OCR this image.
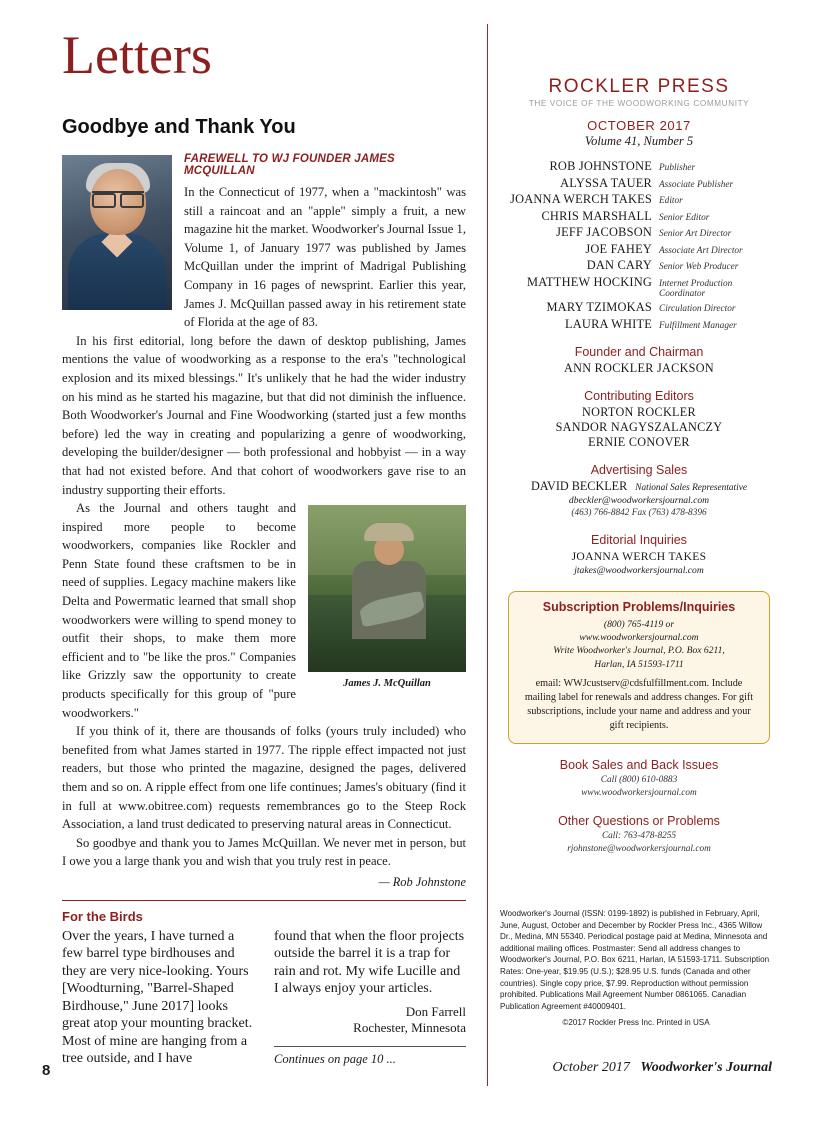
Letters
Goodbye and Thank You
FAREWELL TO WJ FOUNDER JAMES MCQUILLAN

In the Connecticut of 1977, when a "mackintosh" was still a raincoat and an "apple" simply a fruit, a new magazine hit the market. Woodworker's Journal Issue 1, Volume 1, of January 1977 was published by James McQuillan under the imprint of Madrigal Publishing Company in 16 pages of newsprint. Earlier this year, James J. McQuillan passed away in his retirement state of Florida at the age of 83.

In his first editorial, long before the dawn of desktop publishing, James mentions the value of woodworking as a response to the era's "technological explosion and its mixed blessings." It's unlikely that he had the wider industry on his mind as he started his magazine, but that did not diminish the influence. Both Woodworker's Journal and Fine Woodworking (started just a few months before) led the way in creating and popularizing a genre of woodworking, developing the builder/designer — both professional and hobbyist — in a way that had not existed before. And that cohort of woodworkers gave rise to an industry supporting their efforts.

James J. McQuillan

As the Journal and others taught and inspired more people to become woodworkers, companies like Rockler and Penn State found these craftsmen to be in need of supplies. Legacy machine makers like Delta and Powermatic learned that small shop woodworkers were willing to spend money to outfit their shops, to make them more efficient and to "be like the pros." Companies like Grizzly saw the opportunity to create products specifically for this group of "pure woodworkers."

If you think of it, there are thousands of folks (yours truly included) who benefited from what James started in 1977. The ripple effect impacted not just readers, but those who printed the magazine, designed the pages, delivered them and so on. A ripple effect from one life continues; James's obituary (find it in full at www.obitree.com) requests remembrances go to the Steep Rock Association, a land trust dedicated to preserving natural areas in Connecticut.

So goodbye and thank you to James McQuillan. We never met in person, but I owe you a large thank you and wish that you truly rest in peace.

— Rob Johnstone
For the Birds
Over the years, I have turned a few barrel type birdhouses and they are very nice-looking. Yours [Woodturning, "Barrel-Shaped Birdhouse," June 2017] looks great atop your mounting bracket. Most of mine are hanging from a tree outside, and I have
found that when the floor projects outside the barrel it is a trap for rain and rot. My wife Lucille and I always enjoy your articles.
Don Farrell
Rochester, Minnesota
Continues on page 10 ...
ROCKLER PRESS
THE VOICE OF THE WOODWORKING COMMUNITY
OCTOBER 2017
Volume 41, Number 5
ROB JOHNSTONE Publisher
ALYSSA TAUER Associate Publisher
JOANNA WERCH TAKES Editor
CHRIS MARSHALL Senior Editor
JEFF JACOBSON Senior Art Director
JOE FAHEY Associate Art Director
DAN CARY Senior Web Producer
MATTHEW HOCKING Internet Production Coordinator
MARY TZIMOKAS Circulation Director
LAURA WHITE Fulfillment Manager
Founder and Chairman
ANN ROCKLER JACKSON
Contributing Editors
NORTON ROCKLER
SANDOR NAGYSZALANCZY
ERNIE CONOVER
Advertising Sales
DAVID BECKLER National Sales Representative
dbeckler@woodworkersjournal.com
(463) 766-8842 Fax (763) 478-8396
Editorial Inquiries
JOANNA WERCH TAKES
jtakes@woodworkersjournal.com
Subscription Problems/Inquiries
(800) 765-4119 or
www.woodworkersjournal.com
Write Woodworker's Journal, P.O. Box 6211,
Harlan, IA 51593-1711
email: WWJcustserv@cdsfulfillment.com. Include mailing label for renewals and address changes. For gift subscriptions, include your name and address and your gift recipients.
Book Sales and Back Issues
Call (800) 610-0883
www.woodworkersjournal.com
Other Questions or Problems
Call: 763-478-8255
rjohnstone@woodworkersjournal.com
Woodworker's Journal (ISSN: 0199-1892) is published in February, April, June, August, October and December by Rockler Press Inc., 4365 Willow Dr., Medina, MN 55340. Periodical postage paid at Medina, Minnesota and additional mailing offices. Postmaster: Send all address changes to Woodworker's Journal, P.O. Box 6211, Harlan, IA 51593-1711. Subscription Rates: One-year, $19.95 (U.S.); $28.95 U.S. funds (Canada and other countries). Single copy price, $7.99. Reproduction without permission prohibited. Publications Mail Agreement Number 0861065. Canadian Publication Agreement #40009401.
©2017 Rockler Press Inc. Printed in USA
8	October 2017 Woodworker's Journal
